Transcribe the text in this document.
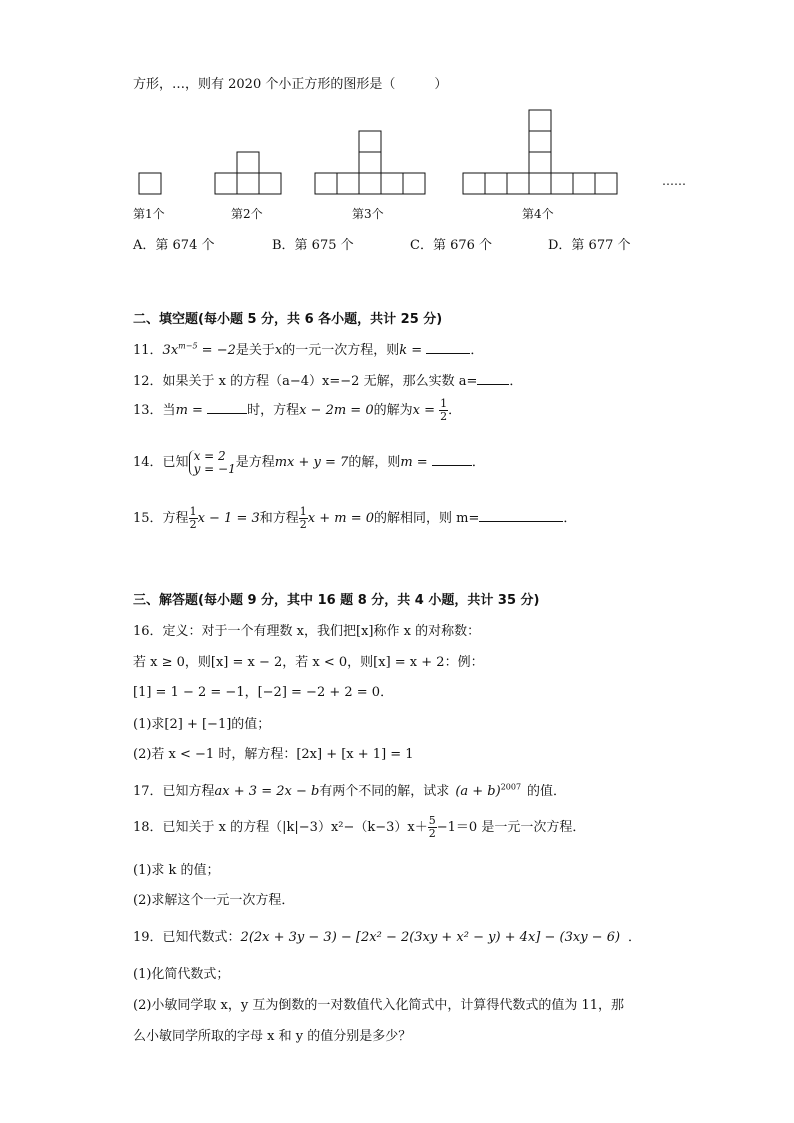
方形，…，则有 2020 个小正方形的图形是（　　　）
……
第1个	第2个	第3个	第4个
A．第 674 个	B．第 675 个	C．第 676 个	D．第 677 个
二、填空题(每小题 5 分，共 6 各小题，共计 25 分)
11．$3x^{m-5} = -2$是关于x的一元一次方程，则k =	．
12．如果关于 x 的方程（a−4）x=−2 无解，那么实数 a= ．
13．当m =	时，方程x − 2m = 0的解为$x = \frac{1}{2}$ ．
14．已知 x = 2
y = −1 是方程mx + y = 7的解，则m =	．
15．方程 $\frac{1}{2}$ x − 1 = 3和方程 $\frac{1}{2}$ x + m = 0的解相同，则 m=	．
三、解答题(每小题 9 分，其中 16 题 8 分，共 4 小题，共计 35 分)
16．定义：对于一个有理数 x，我们把[x]称作 x 的对称数：
若 x ≥ 0，则[x] = x − 2，若 x < 0，则[x] = x + 2：例：
[1] = 1 − 2 = −1，[−2] = −2 + 2 = 0．
(1)求[2] + [−1]的值；
(2)若 x < −1 时，解方程：[2x] + [x + 1] = 1
17．已知方程ax + 3 = 2x − b有两个不同的解，试求 $(a + b)^{2007}$ 的值．
18．已知关于 x 的方程$(|k|-3)x^2-(k-3)x+ \frac{5}{2} -1=0$ 是一元一次方程．
(1)求 k 的值；
(2)求解这个一元一次方程．
19．已知代数式：2(2x + 3y − 3) − [2x² − 2(3xy + x² − y) + 4x] − (3xy − 6) ．
(1)化简代数式；
(2)小敏同学取 x，y 互为倒数的一对数值代入化简式中，计算得代数式的值为 11，那
么小敏同学所取的字母 x 和 y 的值分别是多少？
